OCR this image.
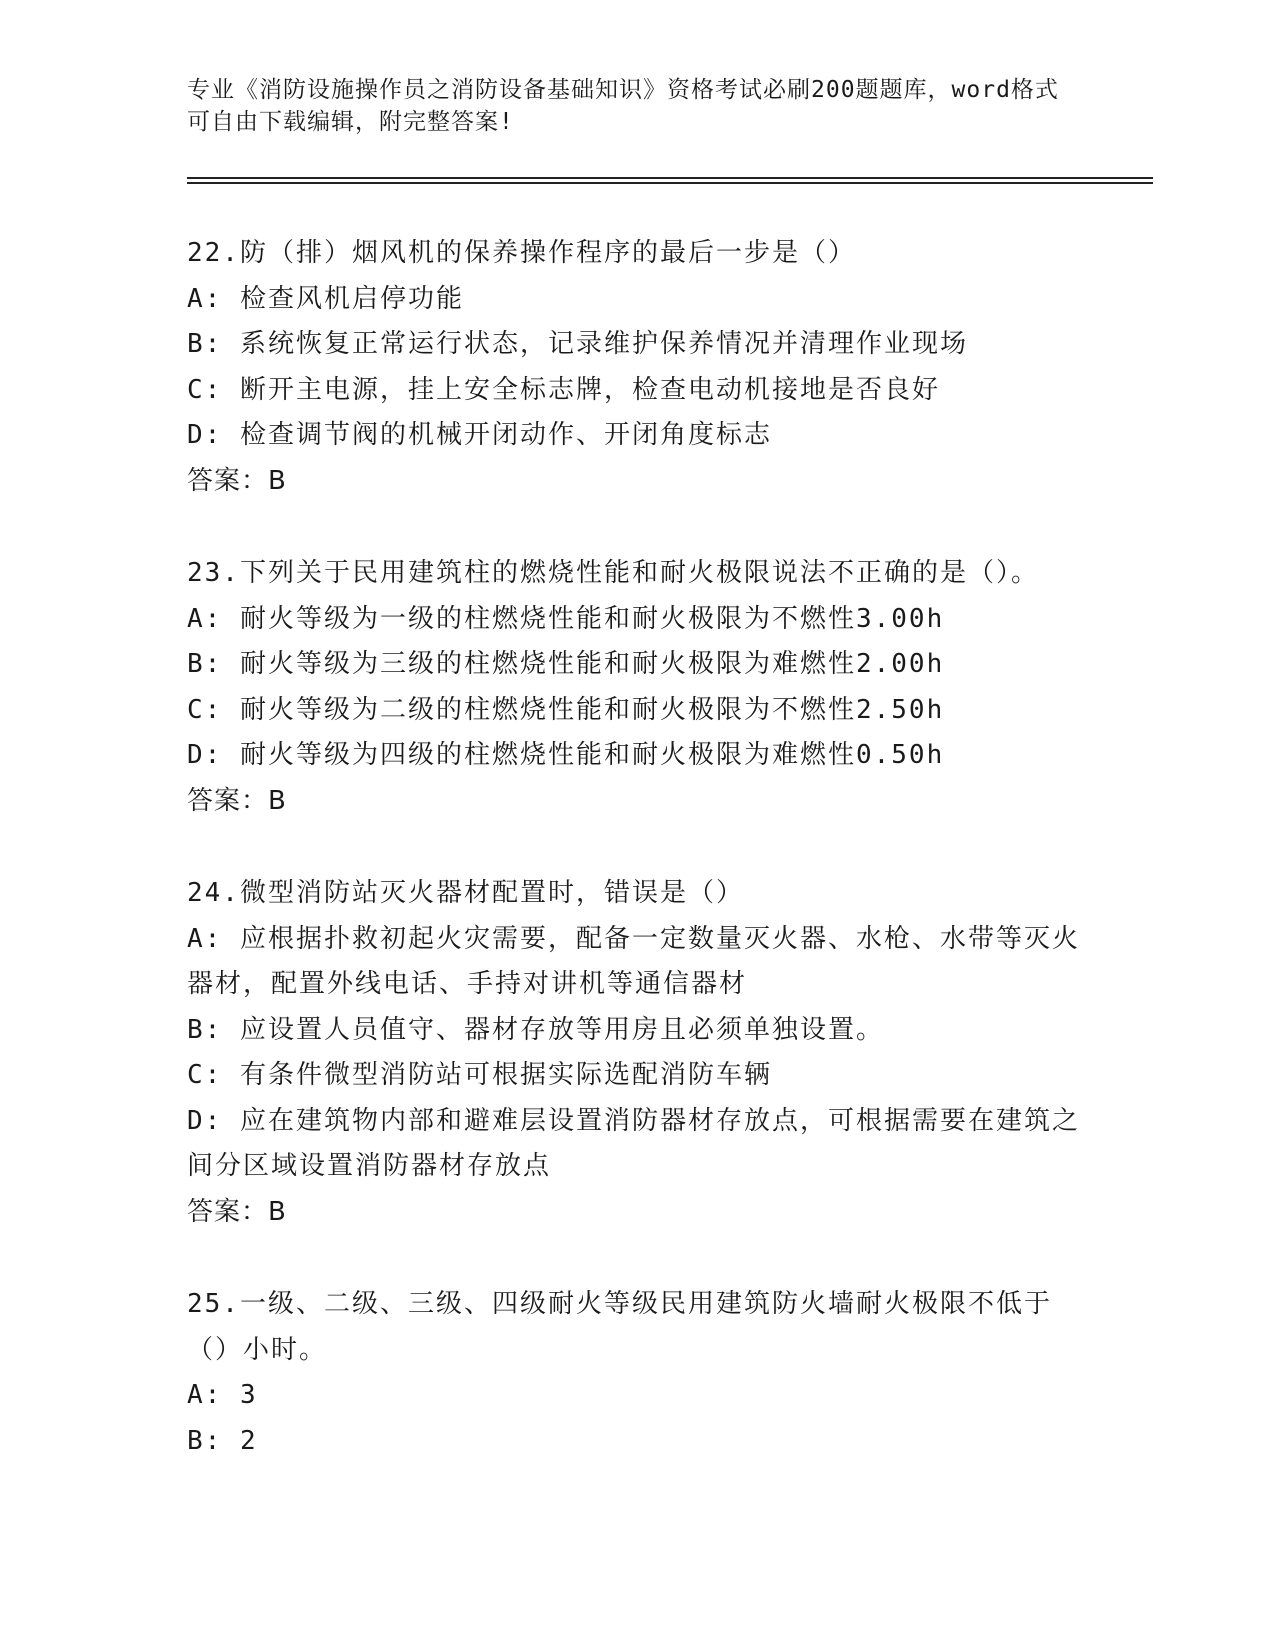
专业《消防设施操作员之消防设备基础知识》资格考试必刷200题题库，word格式可自由下载编辑，附完整答案!
22.防（排）烟风机的保养操作程序的最后一步是（）
A: 检查风机启停功能
B: 系统恢复正常运行状态，记录维护保养情况并清理作业现场
C: 断开主电源，挂上安全标志牌，检查电动机接地是否良好
D: 检查调节阀的机械开闭动作、开闭角度标志
答案：B
23.下列关于民用建筑柱的燃烧性能和耐火极限说法不正确的是（）。
A: 耐火等级为一级的柱燃烧性能和耐火极限为不燃性3.00h
B: 耐火等级为三级的柱燃烧性能和耐火极限为难燃性2.00h
C: 耐火等级为二级的柱燃烧性能和耐火极限为不燃性2.50h
D: 耐火等级为四级的柱燃烧性能和耐火极限为难燃性0.50h
答案：B
24.微型消防站灭火器材配置时，错误是（）
A: 应根据扑救初起火灾需要，配备一定数量灭火器、水枪、水带等灭火器材，配置外线电话、手持对讲机等通信器材
B: 应设置人员值守、器材存放等用房且必须单独设置。
C: 有条件微型消防站可根据实际选配消防车辆
D: 应在建筑物内部和避难层设置消防器材存放点，可根据需要在建筑之间分区域设置消防器材存放点
答案：B
25.一级、二级、三级、四级耐火等级民用建筑防火墙耐火极限不低于（）小时。
A: 3
B: 2
